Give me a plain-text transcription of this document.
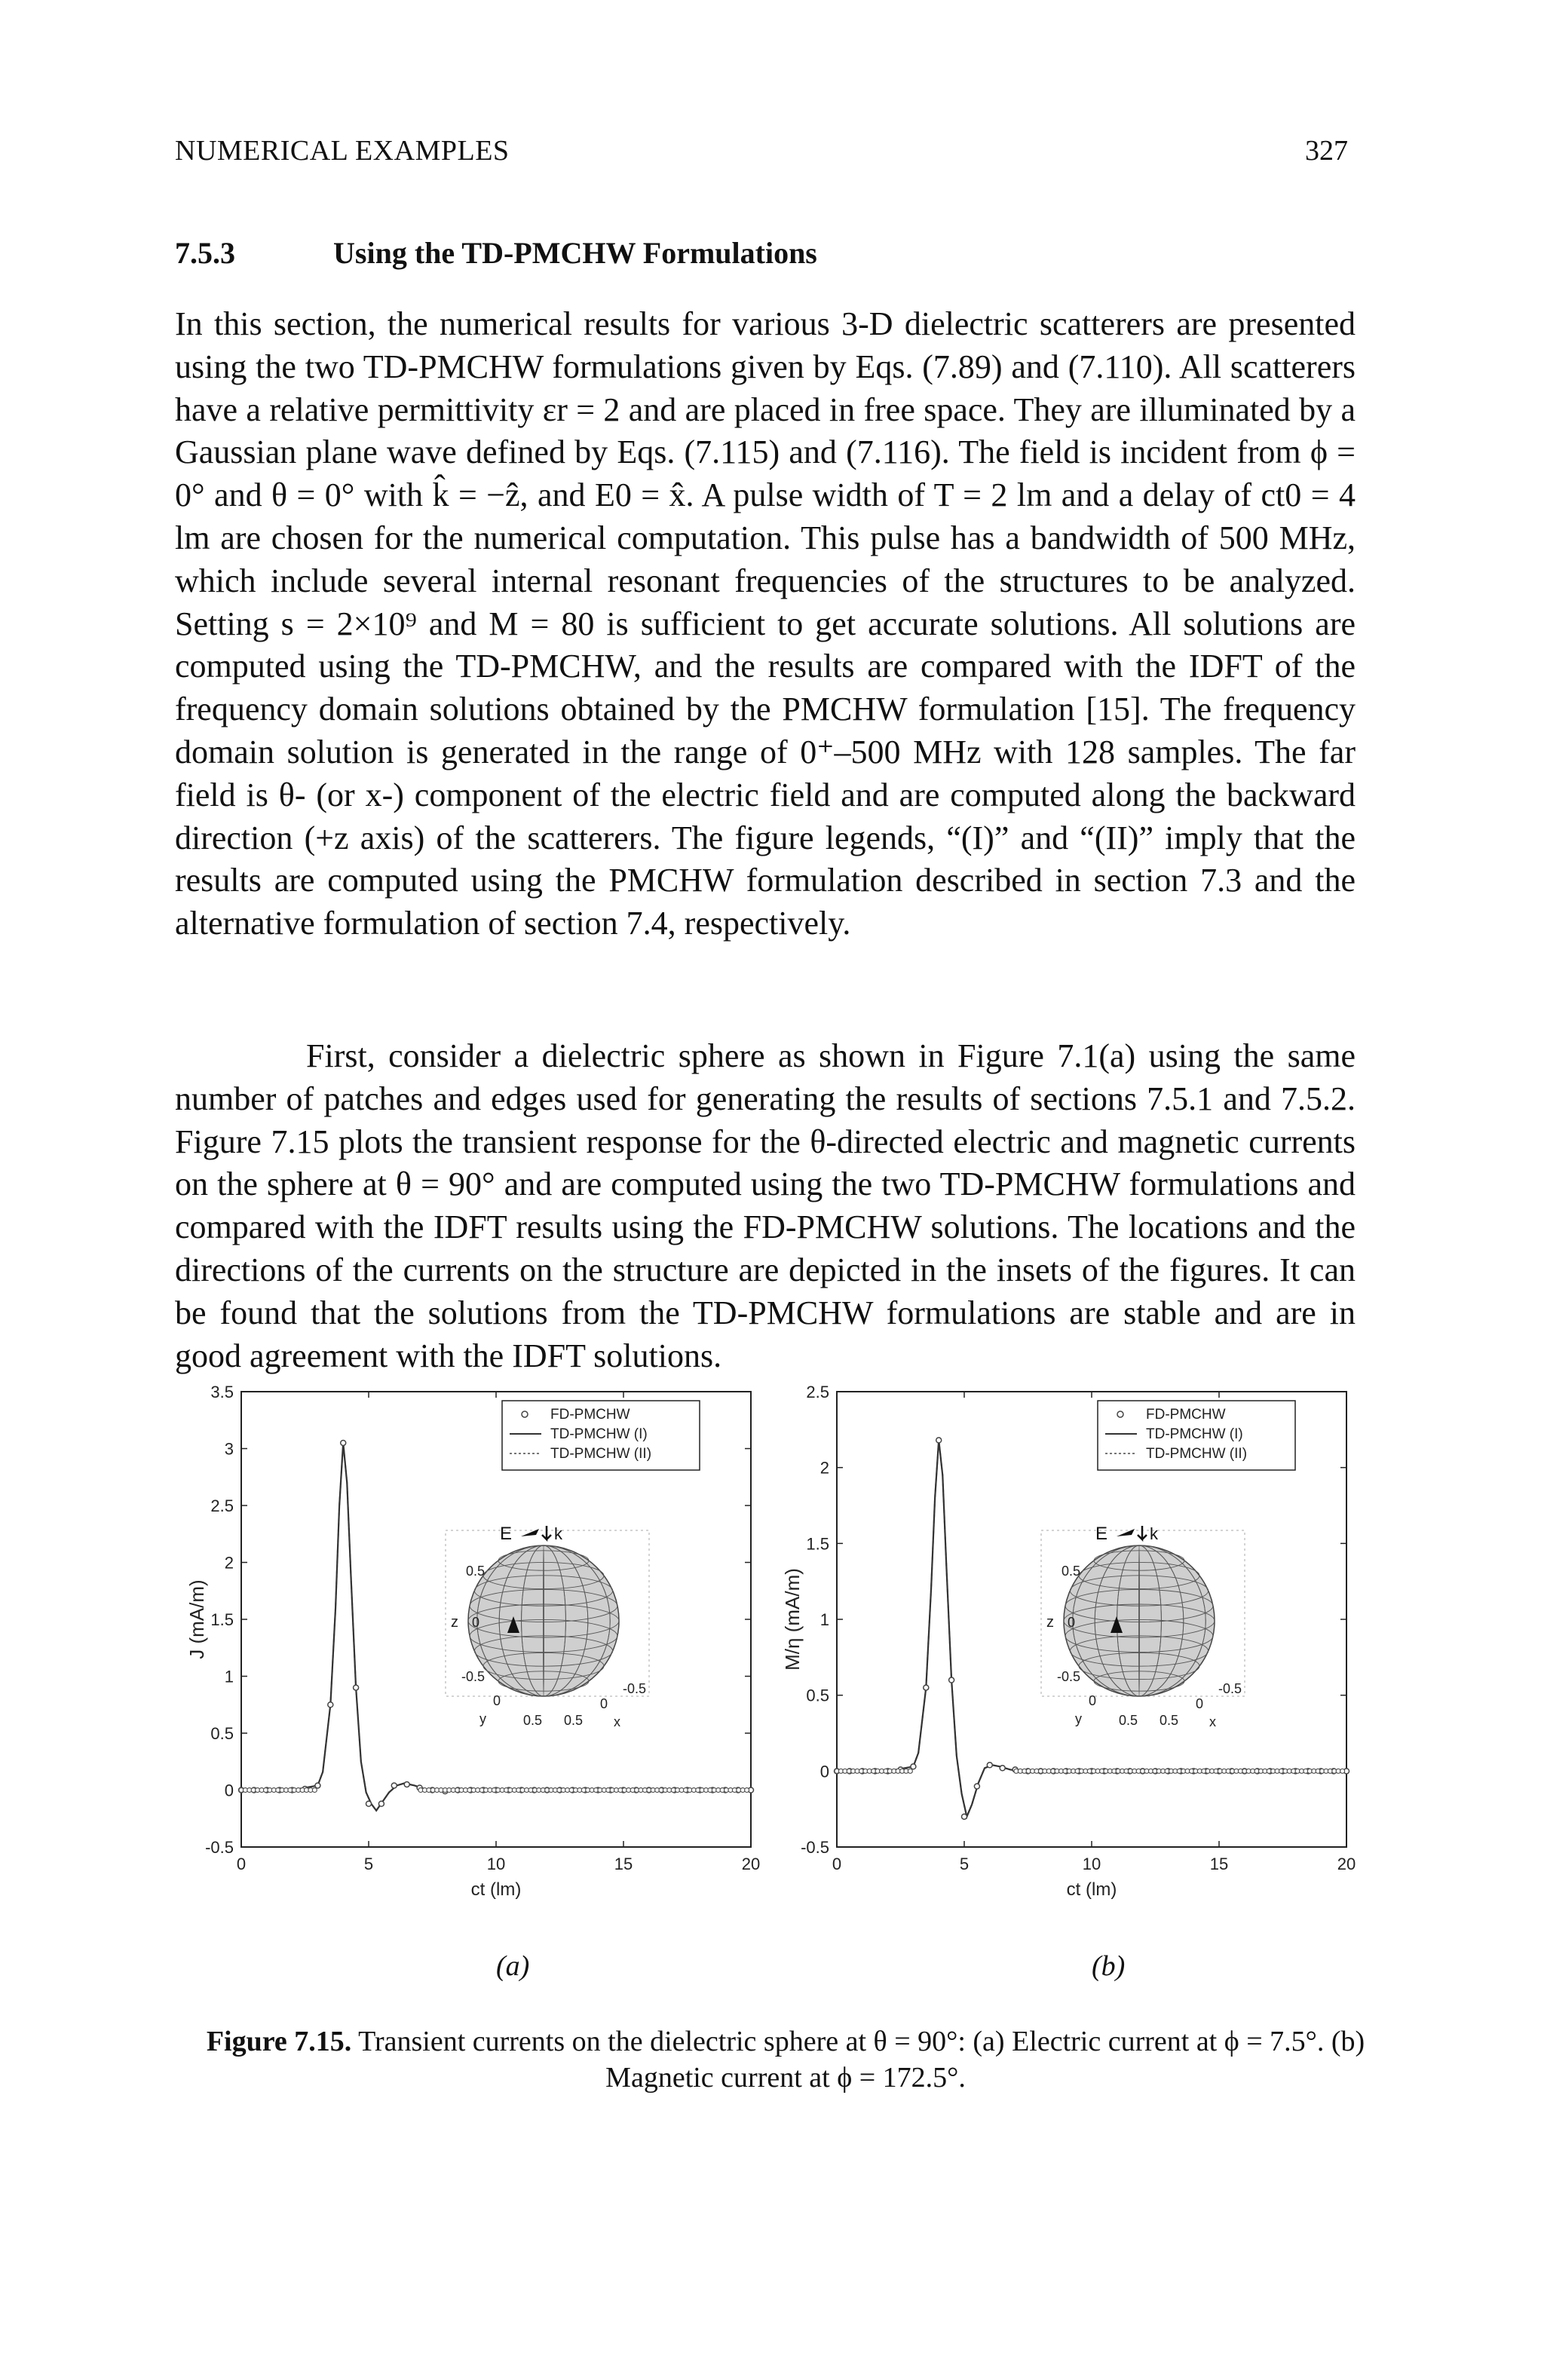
NUMERICAL EXAMPLES	327
7.5.3	Using the TD-PMCHW Formulations
In this section, the numerical results for various 3-D dielectric scatterers are presented using the two TD-PMCHW formulations given by Eqs. (7.89) and (7.110). All scatterers have a relative permittivity εr = 2 and are placed in free space. They are illuminated by a Gaussian plane wave defined by Eqs. (7.115) and (7.116). The field is incident from ϕ = 0° and θ = 0° with k̂ = −ẑ, and E0 = x̂. A pulse width of T = 2 lm and a delay of ct0 = 4 lm are chosen for the numerical computation. This pulse has a bandwidth of 500 MHz, which include several internal resonant frequencies of the structures to be analyzed. Setting s = 2×10⁹ and M = 80 is sufficient to get accurate solutions. All solutions are computed using the TD-PMCHW, and the results are compared with the IDFT of the frequency domain solutions obtained by the PMCHW formulation [15]. The frequency domain solution is generated in the range of 0⁺–500 MHz with 128 samples. The far field is θ- (or x-) component of the electric field and are computed along the backward direction (+z axis) of the scatterers. The figure legends, “(I)” and “(II)” imply that the results are computed using the PMCHW formulation described in section 7.3 and the alternative formulation of section 7.4, respectively.
First, consider a dielectric sphere as shown in Figure 7.1(a) using the same number of patches and edges used for generating the results of sections 7.5.1 and 7.5.2. Figure 7.15 plots the transient response for the θ-directed electric and magnetic currents on the sphere at θ = 90° and are computed using the two TD-PMCHW formulations and compared with the IDFT results using the FD-PMCHW solutions. The locations and the directions of the currents on the structure are depicted in the insets of the figures. It can be found that the solutions from the TD-PMCHW formulations are stable and are in good agreement with the IDFT solutions.
0	5	10	15	20
-0.5
0
0.5
1
1.5
2
2.5
3
3.5
ct (lm)
J (mA/m)
FD-PMCHW
TD-PMCHW (I)
TD-PMCHW (II)
E	k
z
0.5
0
-0.5
0
0.5
y	0.5
0
-0.5
x
0	5	10	15	20
-0.5
0
0.5
1
1.5
2
2.5
ct (lm)
M/η (mA/m)
FD-PMCHW
TD-PMCHW (I)
TD-PMCHW (II)
E	k
z
0.5
0
-0.5
0
0.5
y	0.5
0
-0.5
x
(a)	(b)
Figure 7.15. Transient currents on the dielectric sphere at θ = 90°: (a) Electric current at ϕ = 7.5°. (b) Magnetic current at ϕ = 172.5°.
